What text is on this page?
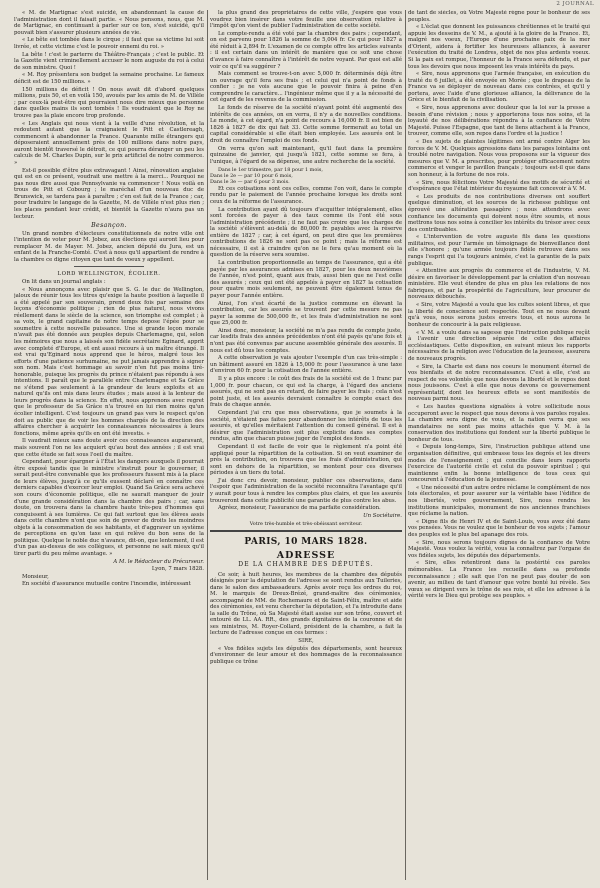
2 JOURNAL

« M. de Martignac s'est suicidé, en abandonnant la cause de l'administration dont il faisait partie. « Nous pensons, nous, que M. de Martignac, en continuant à parler sur ce ton, s'est suicidé, qu'il pouvait bien s'assurer plusieurs années de vie.

« Le bête est tombée dans le cirque ; il faut que sa victime lui soit livrée, et cette victime c'est le pouvoir ennemi du roi. »

La bête ! c'est le parterre du Théâtre-Français ; c'est le public. Et la Gazette vient criminellement accuser le nom auguste du roi à celui de son ministre. Quoi !

« M. Roy présentera son budget la semaine prochaine. Le fameux déficit est de 150 millions. »

150 millions de déficit ! On nous avait dit d'abord quelques millions, puis 50, et en voilà 150, avoués par les amis de M. de Villèle ; par ceux-là peut-être qui pourraient nous dire mieux que personne dans quelles mains ils sont tombés ! Ils voudraient que le Roy ne trouve pas la plaie encore trop profonde.

« Les Anglais qui nous vient à la veille d'une révolution, et la redoutent autant que la craignaient le Pitt et Castlereagh, commencent à abandonner la France. Quarante mille étrangers qui déposeraient annuellement près de 100 millions dans notre pays, auront bientôt traversé le détroit, ce qui pourra déranger un peu les calculs de M. Charles Dupin, sur le prix artificiel de notre commerce. »

Est-il possible d'être plus extravagant ! Ainsi, rénovation anglaise qui est en ce présent, voudrait une mettre à la merci... Pourquoi ne pas nous dire aussi que Pennsylvanie va commencer ! Nous voilà en trous de Pitt et Cobourg ; le maréchal d'un nouveau duc de Brunswick, se tardera pas à paraître ; c'en est fait de la France ; car, pour traduire le langage de la Gazette, M. de Villèle n'est plus rien ; les places pendant leur crédit, et bientôt la Gazette n'aura pas un lecteur.

Besançon.

Un grand nombre d'électeurs constitutionnels de notre ville ont l'intention de voter pour M. Jobez, aux élections qui auront lieu pour remplacer M. de Mayer. M. Jobez, ancien député du Jura, est un enfant de la Franche-Comté. C'est à nous qu'il appartient de rendre à la chambre ce digne citoyen que tant de voeux y appellent.

LORD WELLINGTON, ÉCOLIER.

On lit dans un journal anglais :

« Nous annonçons avec plaisir que S. G. le duc de Wellington, jaloux de réunir tous les titres qu'exige la haute position à laquelle il a été appelé par son souverain, prend deux fois par semaine des leçons d'économie politique ; rien de plus naturel, nous vivons réellement dans le siècle de la science, son triomphe est complet ; à sa voix, le grand capitaine de notre temps depose l'épée pour se soumettre à cette nouvelle puissance. Une si grande leçon morale n'avait pas été donnée aux peuples depuis Charlemagne, qui, selon les mémoires que nous a laissés son fidèle secrétaire Eginard, apprit avec completé d'Europe, et ent aussi recours à un maître étrangé. Il est vrai qu'Eginard nous apprend que le héros, malgré tous les efforts d'une patience surhumaine, ne put jamais apprendre à signer son nom. Mais c'est hommage au savoir n'en fut pas moins tiré-honorable, puisque les progrès du prince n'étaient pas répondu à ses intentions. Il paraît que le parallèle entre Charlemagne et Sa Grâce ne s'étend pas seulement à la grandeur de leurs exploits et au naturel qu'ils ont mis dans leurs études ; mais aussi à la lenteur de leurs progrès dans la science. En effet, nous apprenons avec regret que le professeur de Sa Grâce n'a trouvé en lui rien moins qu'un écolier intelligent. C'est toujours un grand pas vers le respect qu'on doit au public que de voir les hommes chargés de la direction des affaires chercher à acquérir les connaissances nécessaires à leurs fonctions, même après qu'ils en ont été investis. »

Il vaudrait mieux sans doute avoir ces connaissances auparavant, mais souvent l'on ne les acquiert qu'au bout des années ; il est vrai que cette étude se fait sous l'oeil du maître.

Cependant, pour épargner à l'État les dangers auxquels il pourrait être exposé tandis que le ministre s'instruit pour le gouverner, il serait peut-être convenable que les professeurs fussent mis à la place de leurs élèves, jusqu'à ce qu'ils eussent déclaré en connaître ces derniers capables d'exercer leur emploi. Quand Sa Grâce sera achevé son cours d'économie politique, elle ne saurait manquer de jouir d'une grande considération dans la chambre des pairs ; car, sans doute, on trouvera dans la chambre haute très-peu d'hommes qui conquissent à ses lumières. Ce qui fait surtout que les élèves assis dans cette chambre n'ont que soin de grever de droits les moindres objets à la consommation de ses habitants, et d'aggraver un système de perceptions en qu'on taxe en qui relève du bon sens de la politique. Quelque le noble duc n'avance, dit-on, que lentement, il est d'un pas au-dessus de ses collègues, et personne ne sait mieux qu'il tirer parti du peu même avantage. »

A M. le Rédacteur du Précurseur.
Lyon, 7 mars 1828.

Monsieur,

En société d'assurance mutuelle contre l'incendie, intéressant

la plus grand des propriétaires de cette ville, j'espère que vous voudrez bien insérer dans votre feuille une observation relative à l'impôt qu'on vient de publier l'administration de cette société.

Le compte-rendu a été voté par la chambre des pairs ; cependant, on est parvenu pour 1826 la somme de 5,004 fr. Ce qui pour 1827 a été réduit à 2,894 fr. L'examen de ce compte offre les articles suivants : il est certain dans un intérêt de manière que ce soit une chose d'avance à faire connaître à l'intérêt de notre voyant. Par quoi est allé voir ce qu'il va suggérer ?

Mais comment se trouve-t-on avec 5,000 fr. déterminés déjà être un ouvrage qu'il fera ses frais ; et celui qui n'a point de fonds à confier : je ne vois aucune que le pouvoir finira à peine d'en comprendre le caractère... l'ingénieur même que il y a la nécessité de cet égard de les revenus de la commission.

Le fonds de réserve de la société n'ayant point été augmenté des intérêts de ces années, on en verra, il n'y a de nouvelles conditions. Le monde, à cet égard, n'a point de recours à 16,000 fr. Il est bien de 1826 à 1827 de dix qui fait 33. Cette somme formerait au total un capital considérable si elle était bien employée. Les assurés ont le droit de connaître l'emploi de ces fonds.

On verra qu'on sait maintenant, qu'il faut dans la première quinzaine de janvier, qui jusqu'à 1821, cette somme se fera, à l'unique, à l'égard de sa dépense, une autre recherche de la société.

Dans le 1er trimestre, par 18 pour 1 mois,
Dans le 2e — par 10 pour 6 mois,
Dans le 3e — par 6 pour 3 mois.

Et ces cotisations sont ces celles, comme l'on voit, dans le compte rendu par le paiement de l'année prochaine lorsque les droits sont ceux de la réforme de l'assurance.

La contribution ayant dû toujours d'acquitter intégralement, elles sont forcées de payer à des taux comme ils l'ont été sous l'administration précédente ; il ne faut pas croire que les charges de la société s'élèvent au-delà de 80,000 fr. payables avec la réserve entière de 1827 ; car, à cet égard, on peut dire que les premières contributions de 1826 ne sont pas ce point ; mais la réforme est nécessaire, il est à craindre qu'on ne le fera qu'au moment où la question de la réserve sera soumise.

La contribution proportionnelle au temps de l'assurance, qui a été payée par les assurances admises en 1827, pour les deux neuvièmes de l'année, n'est point, quant aux frais, aussi bien que ne l'est celle des assurés ; ceux qui ont été appelés à payer en 1827 la cotisation pour quatre mois seulement, ne peuvent être également tenus de payer pour l'année entière.

Ainsi, l'on s'est écarté de la justice commune en élevant la contribution, car les assurés se trouvent par cette mesure ne pas payer la somme de 500,000 fr., et les frais d'administration ne sont que 25,000 fr.

Ainsi donc, monsieur, la société ne m'a pas rendu de compte juste, car lesdits frais des années précédentes n'ont été payés qu'une fois et n'ont pas été convenus par aucune assemblée générale des assurés. Il nous est dû tous les comptes.

A cette observation je vais ajouter l'exemple d'un cas très-simple : un bâtiment assuré en 1826 à 15,000 fr. pour l'assurance à une taxe d'environ 60 fr. pour la cotisation de l'année entière.

Il y a plus encore : le coût des frais de la société est de 1 franc par 1,000 fr. pour chacun, ce qui est la charge, à l'égard des anciens assurés, qui ne sont pas en retard, de faire payer les frais ; cela n'est point juste, et les assurés devraient connaître le compte exact des frais de chaque année.

Cependant j'ai cru que mes observations, que je soumets à la société, n'étaient pas faites pour abandonner les intérêts de tous les assurés, et qu'elles méritaient l'attention du conseil général. Il est à désirer que l'administration soit plus explicite dans ses comptes rendus, afin que chacun puisse juger de l'emploi des fonds.

Cependant il est facile de voir que le règlement n'a point été appliqué pour la répartition de la cotisation. Si on veut examiner de près la contribution, on trouvera que les frais d'administration, qui sont en dehors de la répartition, se montent pour ces diverses périodes à un tiers du total.

J'ai donc cru devoir, monsieur, publier ces observations, dans l'espoir que l'administration de la société reconnaîtra l'avantage qu'il y aurait pour tous à rendre les comptes plus clairs, et que les assurés trouveront dans cette publicité une garantie de plus contre les abus.

Agréez, monsieur, l'assurance de ma parfaite considération.

Un Sociétaire.
Votre très-humble et très-obéissant serviteur.
PARIS, 10 MARS 1828.
ADRESSE
DE LA CHAMBRE DES DÉPUTÉS.

Ce soir, à huit heures, les membres de la chambre des députés désignés pour la députation de l'adresse se sont rendus aux Tuileries, dans le salon des ambassadeurs. Après avoir reçu les ordres du roi, M. le marquis de Dreux-Brézé, grand-maître des cérémonies, accompagné de MM. de Rochemaure et de Saint-Félix, maître et aide des cérémonies, est venu chercher la députation, et l'a introduite dans la salle du Trône, où Sa Majesté était assise sur son trône, couvert et entouré de LL. AA. RR., des grands dignitaires de la couronne et de ses ministres, M. Royer-Collard, président de la chambre, a fait la lecture de l'adresse conçue en ces termes :

SIRE,

« Vos fidèles sujets les députés des départements, sont heureux d'environner de leur amour et des hommages de la reconnaissance publique ce trône

de tant de siècles, où Votre Majesté règne pour le bonheur de ses peuples.

« L'éclat que donnent les puissances chrétiennes et le traité qui appuie les desseins de V. M., a ajouté à la gloire de la France. Et, malgré nos voeux, l'Europe d'une prochaine paix de la mer d'Orient, aidera à fortifier les heureuses alliances, à assurer l'exécution du traité de Londres, objet de nos plus ardents voeux. Si la paix est rompue, l'honneur de la France sera défendu, et par tous les devoirs que nous imposent les vrais intérêts du pays.

« Sire, nous apprenons que l'armée française, en exécution du traité du 6 juillet, a été envoyée en Morée ; que le drapeau de la France va se déployer de nouveau dans ces contrées, et qu'il y portera, avec l'aide d'une glorieuse alliance, la délivrance de la Grèce et le bienfait de la civilisation.

« Sire, nous apprenons avec douleur que la loi sur la presse a besoin d'une révision ; nous y apporterons tous nos soins, et la loyauté de nos délibérations répondra à la confiance de Votre Majesté. Puisse l'Espagne, que tant de liens attachent à la France, trouver, comme elle, son repos dans l'ordre et la justice !

« Des sujets de plaintes légitimes ont armé contre Alger les forces de V. M. Quelques agressions dans les parages lointains ont troublé notre navigation. Nous vous proposons sur la vigueur des mesures que V. M. a prescrites, pour protéger efficacement notre commerce et venger le pavillon français ; toujours est-il que dans son honneur, à la fortune de nos rois.

« Sire, nous félicitons Votre Majesté des motifs de sécurité et d'espérance que l'état intérieur du royaume fait concevoir à V. M.

« Les produits de nos contributions diverses ont souffert quelque diminution, et les sources de la richesse publique ont éprouvé une altération passagère ; nous attendrons avec confiance les documents qui doivent nous être soumis, et nous mettrons tous nos soins à concilier les intérêts du trésor avec ceux des contribuables.

« L'intervention de votre auguste fils dans les questions militaires, est pour l'armée un témoignage de bienveillance dont elle s'honore ; qu'une armée toujours fidèle retrouve dans ses rangs l'esprit qui l'a toujours animée, c'est la garantie de la paix publique.

« Attentive aux progrès du commerce et de l'industrie, V. M. désire en favoriser le développement par la création d'un nouveau ministère. Elle veut étendre de plus en plus les relations de nos fabriques, et par la prospérité de l'agriculture, leur procurer de nouveaux débouchés.

« Sire, votre Majesté a voulu que les cultes soient libres, et que la liberté de conscience soit respectée. Tout en ne nous devant qu'à vous, nous serons justes envers tous, et nous aurons le bonheur de concourir à la paix religieuse.

« V. M. a voulu dans sa sagesse que l'instruction publique reçût à l'avenir une direction séparée de celle des affaires ecclésiastiques. Cette disposition, en suivant mieux les rapports nécessaires de la religion avec l'éducation de la jeunesse, assurera de nouveaux progrès.

« Sire, la Charte est dans nos coeurs le monument éternel de vos bienfaits et de notre reconnaissance. C'est à elle, c'est au respect de vos volontés que nous devons la liberté et le repos dont nous jouissons. C'est à elle que nous devons ce gouvernement représentatif, dont les heureux effets se sont manifestés de nouveau parmi nous.

« Les hautes questions signalées à votre sollicitude nous occuperont avec le respect que nous devons à vos paroles royales. La chambre sera digne de vous, et la nation verra que ses mandataires ne sont pas moins attachés que V. M. à la conservation des institutions qui fondent sur la liberté publique le bonheur de tous.

« Depuis long-temps, Sire, l'instruction publique attend une organisation définitive, qui embrasse tous les degrés et les divers modes de l'enseignement ; qui concilie dans leurs rapports l'exercice de l'autorité civile et celui du pouvoir spirituel ; qui maintienne enfin la bonne intelligence de tous ceux qui concourent à l'éducation de la jeunesse.

« Une nécessité d'un autre ordre réclame le complément de nos lois électorales, et pour assurer sur la véritable base l'édifice de nos libertés, votre gouvernement, Sire, nous rendra les institutions municipales, monument de nos anciennes franchises que réclame la nation.

« Digne fils de Henri IV et de Saint-Louis, vous avez été dans vos pensées. Vous ne voulez que le bonheur de vos sujets ; l'amour des peuples est le plus bel apanage des rois.

« Sire, nous serons toujours dignes de la confiance de Votre Majesté. Vous voulez la vérité, vous la connaîtrez par l'organe de vos fidèles sujets, les députés des départements.

« Sire, elles retentiront dans la postérité ces paroles mémorables. La France les recueille dans sa profonde reconnaissance ; elle sait que l'on ne peut pas douter de son avenir, au milieu de tant d'amour que votre bonté lui révèle. Ses vœux se dirigent vers le trône de ses rois, et elle les adresse à la vérité vers le Dieu qui protège ses peuples. »
